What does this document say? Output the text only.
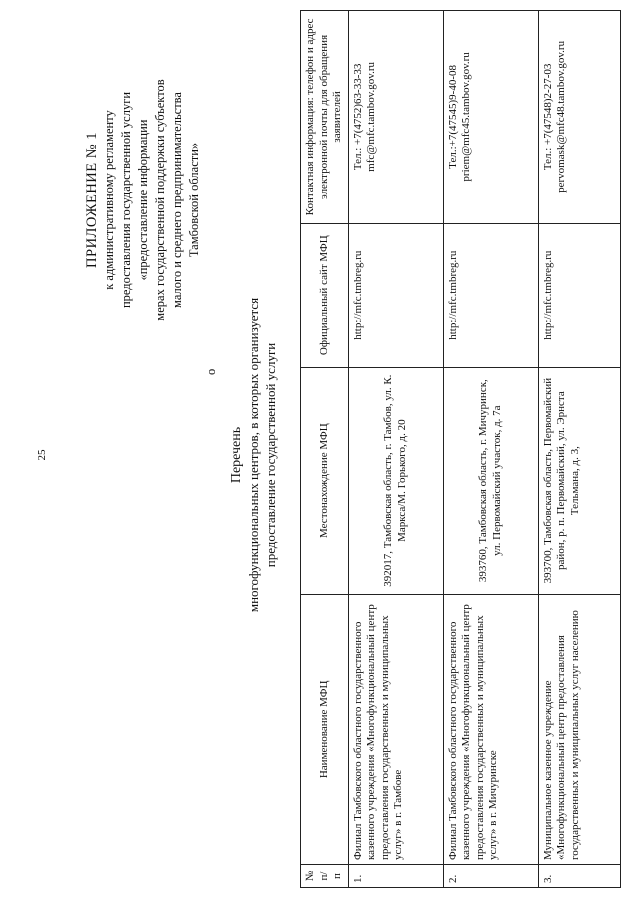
25
о
ПРИЛОЖЕНИЕ № 1 к административному регламенту предоставления государственной услуги «предоставление информации мерах государственной поддержки субъектов малого и среднего предпринимательства Тамбовской области»
Перечень многофункциональных центров, в которых организуется предоставление государственной услуги
№ п/п	Наименование МФЦ	Местонахождение МФЦ	Официальный сайт МФЦ	Контактная информация: телефон и адрес электронной почты для обращения заявителей
1.	Филиал Тамбовского областного государственного казенного учреждения «Многофункциональный центр предоставления государственных и муниципальных услуг» в г. Тамбове	392017, Тамбовская область, г. Тамбов, ул. К. Маркса/М. Горького, д. 20	http://mfc.tmbreg.ru	Тел.: +7(4752)63-33-33 mfc@mfc.tambov.gov.ru

2.	Филиал Тамбовского областного государственного казенного учреждения «Многофункциональный центр предоставления государственных и муниципальных услуг» в г. Мичуринске	393760, Тамбовская область, г. Мичуринск, ул. Первомайский участок, д. 7а	http://mfc.tmbreg.ru	Тел.:+7(47545)9-40-08 priem@mfc45.tambov.gov.ru

3.	Муниципальное казенное учреждение «Многофункциональный центр предоставления государственных и муниципальных услуг населению	393700, Тамбовская область, Первомайский район, р. п. Первомайский, ул. Эрнста Тельмана, д. 3,	http://mfc.tmbreg.ru	Тел.: +7(47548)2-27-03 pervomask@mfc48.tambov.gov.ru
